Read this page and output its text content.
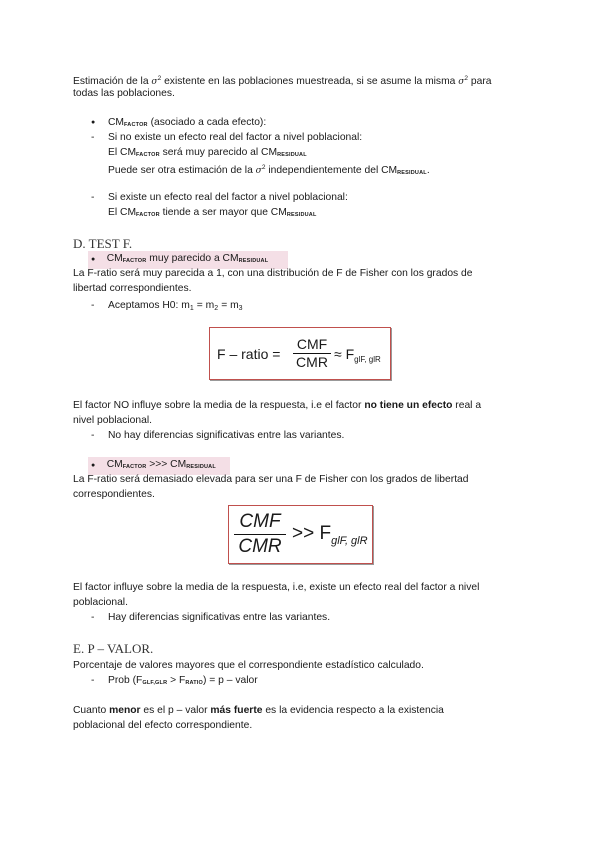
Estimación de la $\sigma^2$ existente en las poblaciones muestreada, si se asume la misma $\sigma^2$ para
todas las poblaciones.
● $CM_{FACTOR}$ (asociado a cada efecto):
- Si no existe un efecto real del factor a nivel poblacional:
El $CM_{FACTOR}$ será muy parecido al $CM_{RESIDUAL}$
Puede ser otra estimación de la $\sigma^2$ independientemente del $CM_{RESIDUAL}$.
- Si existe un efecto real del factor a nivel poblacional:
El $CM_{FACTOR}$ tiende a ser mayor que $CM_{RESIDUAL}$
D. TEST F.
● $CM_{FACTOR}$ muy parecido a $CM_{RESIDUAL}$
La F-ratio será muy parecida a 1, con una distribución de F de Fisher con los grados de
libertad correspondientes.
- Aceptamos H0: $m_1 = m_2 = m_3$
F – ratio =
CMF
CMR ≈ $F_{glF, glR}$
El factor NO influye sobre la media de la respuesta, i.e el factor no tiene un efecto real a
nivel poblacional.
- No hay diferencias significativas entre las variantes.
● $CM_{FACTOR}$ >>> $CM_{RESIDUAL}$
La F-ratio será demasiado elevada para ser una F de Fisher con los grados de libertad
correspondientes.
CMF
CMR
>> $F_{glF, glR}$
El factor influye sobre la media de la respuesta, i.e, existe un efecto real del factor a nivel
poblacional.
- Hay diferencias significativas entre las variantes.
E. P – VALOR.
Porcentaje de valores mayores que el correspondiente estadístico calculado.
- Prob $(F_{GLF,GLR} > F_{RATIO}) = p$ – valor
Cuanto menor es el p – valor más fuerte es la evidencia respecto a la existencia
poblacional del efecto correspondiente.
